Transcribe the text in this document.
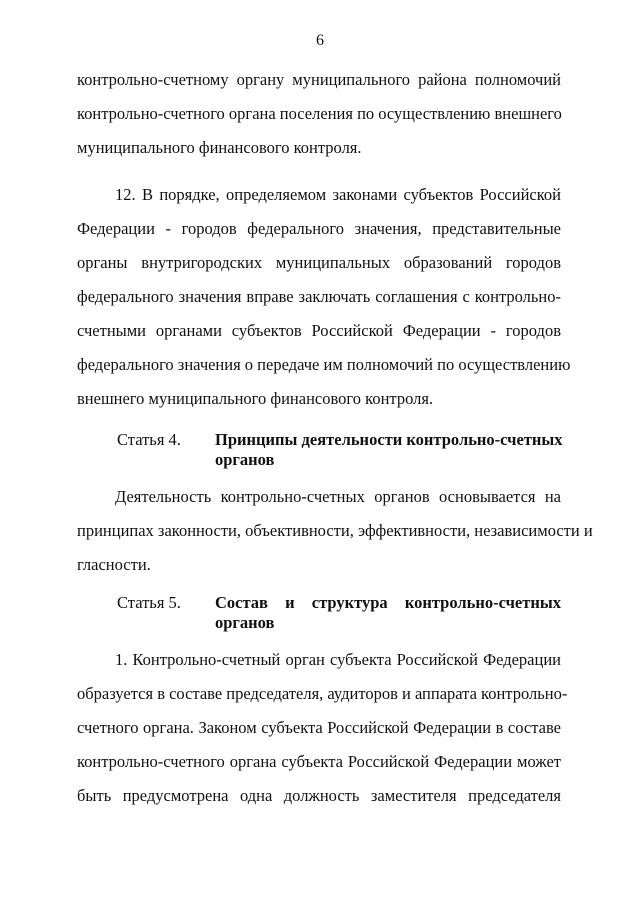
6
контрольно-счетному органу муниципального района полномочий
контрольно-счетного органа поселения по осуществлению внешнего
муниципального финансового контроля.
12. В порядке, определяемом законами субъектов Российской
Федерации - городов федерального значения, представительные
органы внутригородских муниципальных образований городов
федерального значения вправе заключать соглашения с контрольно-
счетными органами субъектов Российской Федерации - городов
федерального значения о передаче им полномочий по осуществлению
внешнего муниципального финансового контроля.
Статья 4. Принципы деятельности контрольно-счетных
органов
Деятельность контрольно-счетных органов основывается на
принципах законности, объективности, эффективности, независимости и
гласности.
Статья 5. Состав и структура контрольно-счетных
органов
1. Контрольно-счетный орган субъекта Российской Федерации
образуется в составе председателя, аудиторов и аппарата контрольно-
счетного органа. Законом субъекта Российской Федерации в составе
контрольно-счетного органа субъекта Российской Федерации может
быть предусмотрена одна должность заместителя председателя
